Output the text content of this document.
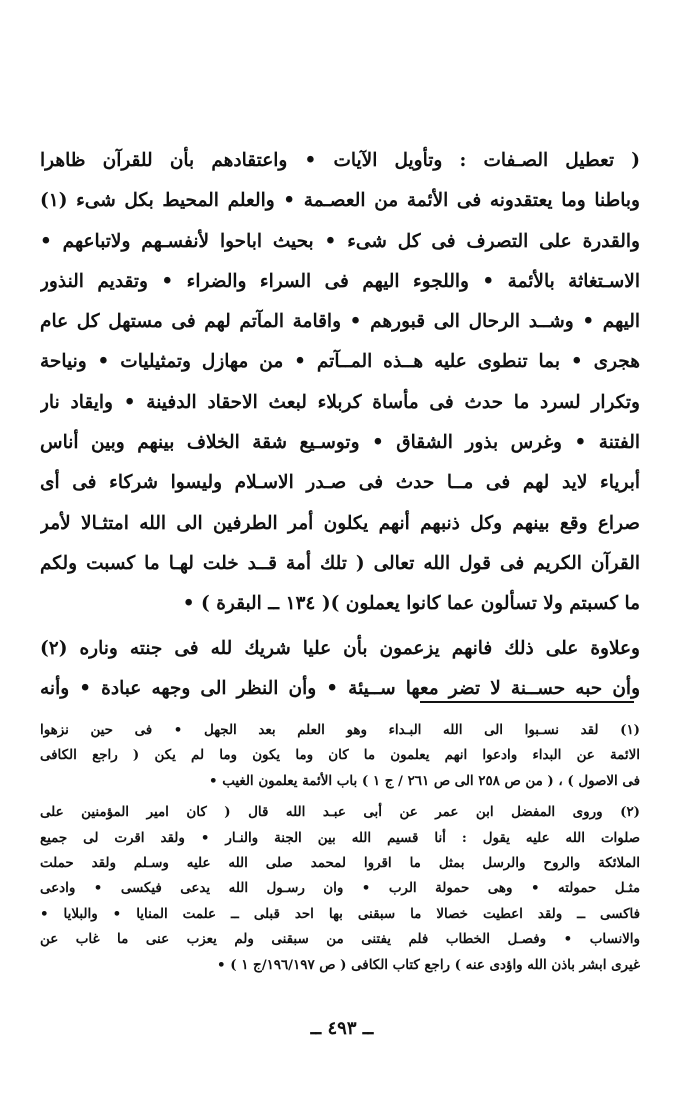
( تعطيل الصـفات : وتأويل الآيات • واعتقادهم بأن للقرآن ظاهرا
وباطنا وما يعتقدونه فى الأئمة من العصـمة • والعلم المحيط بكل شىء (١)
والقدرة على التصرف فى كل شىء • بحيث اباحوا لأنفسـهم ولاتباعهم •
الاسـتغاثة بالأئمة • واللجوء اليهم فى السراء والضراء • وتقديم النذور
اليهم • وشــد الرحال الى قبورهم • واقامة المآتم لهم فى مستهل كل عام
هجرى • بما تنطوى عليه هــذه المــآتم • من مهازل وتمثيليات • ونياحة
وتكرار لسرد ما حدث فى مأساة كربلاء لبعث الاحقاد الدفينة • وايقاد نار
الفتنة • وغرس بذور الشقاق • وتوسـيع شقة الخلاف بينهم وبين أناس
أبرياء لايد لهم فى مــا حدث فى صـدر الاسـلام وليسوا شركاء فى أى
صراع وقع بينهم وكل ذنبهم أنهم يكلون أمر الطرفين الى الله امتثـالا لأمر
القرآن الكريم فى قول الله تعالى ( تلك أمة قــد خلت لهـا ما كسبت ولكم
ما كسبتم ولا تسألون عما كانوا يعملون )( ١٣٤ ــ البقرة ) •
وعلاوة على ذلك فانهم يزعمون بأن عليا شريك لله فى جنته وناره (٢)
وأن حبه حســنة لا تضر معها ســيئة • وأن النظر الى وجهه عبادة • وأنه
(١) لقد نسـبوا الى الله البـداء وهو العلم بعد الجهل • فى حين نزهوا
الائمة عن البداء وادعوا انهم يعلمون ما كان وما يكون وما لم يكن ( راجع الكافى
فى الاصول ) ، ( من ص ٢٥٨ الى ص ٢٦١ / ج ١ ) باب الأئمة يعلمون الغيب •
(٢) وروى المفضل ابن عمر عن أبى عبـد الله قال ( كان امير المؤمنين على
صلوات الله عليه يقول : أنا قسيم الله بين الجنة والنـار • ولقد اقرت لى جميع
الملائكة والروح والرسل بمثل ما اقروا لمحمد صلى الله عليه وسـلم ولقد حملت
مثـل حمولته • وهى حمولة الرب • وان رسـول الله يدعى فيكسى • وادعى
فاكسى ــ ولقد اعطيت خصالا ما سبقنى بها احد قبلى ــ علمت المنايا • والبلايا •
والانساب • وفصـل الخطاب فلم يفتنى من سبقنى ولم يعزب عنى ما غاب عن
غيرى ابشر باذن الله واؤدى عنه ) راجع كتاب الكافى ( ص ١٩٦/١٩٧/ج ١ ) •
ــ ٤٩٣ ــ
